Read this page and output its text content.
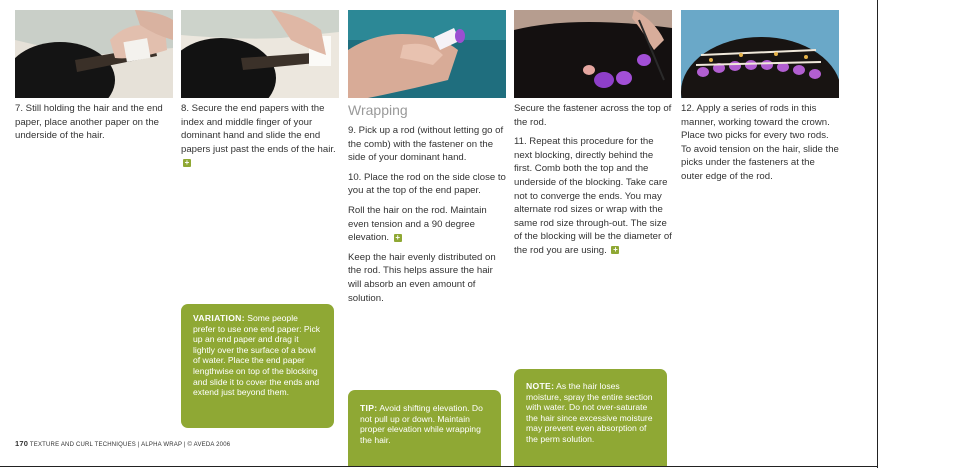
7. Still holding the hair and the end paper, place another paper on the underside of the hair.

8. Secure the end papers with the index and middle finger of your dominant hand and slide the end papers just past the ends of the hair. +

Wrapping

9. Pick up a rod (without letting go of the comb) with the fastener on the side of your dominant hand.

10. Place the rod on the side close to you at the top of the end paper.

Roll the hair on the rod. Maintain even tension and a 90 degree elevation. +

Keep the hair evenly distributed on the rod. This helps assure the hair will absorb an even amount of solution.

Secure the fastener across the top of the rod.

11. Repeat this procedure for the next blocking, directly behind the first. Comb both the top and the underside of the blocking. Take care not to converge the ends. You may alternate rod sizes or wrap with the same rod size through-out. The size of the blocking will be the diameter of the rod you are using. +

12. Apply a series of rods in this manner, working toward the crown. Place two picks for every two rods. To avoid tension on the hair, slide the picks under the fasteners at the outer edge of the rod.

VARIATION: Some people prefer to use one end paper: Pick up an end paper and drag it lightly over the surface of a bowl of water. Place the end paper lengthwise on top of the blocking and slide it to cover the ends and extend just beyond them.
TIP: Avoid shifting elevation. Do not pull up or down. Maintain proper elevation while wrapping the hair.
NOTE: As the hair loses moisture, spray the entire section with water. Do not over-saturate the hair since excessive moisture may prevent even absorption of the perm solution.
170 TEXTURE AND CURL TECHNIQUES | ALPHA WRAP | © AVEDA 2006
